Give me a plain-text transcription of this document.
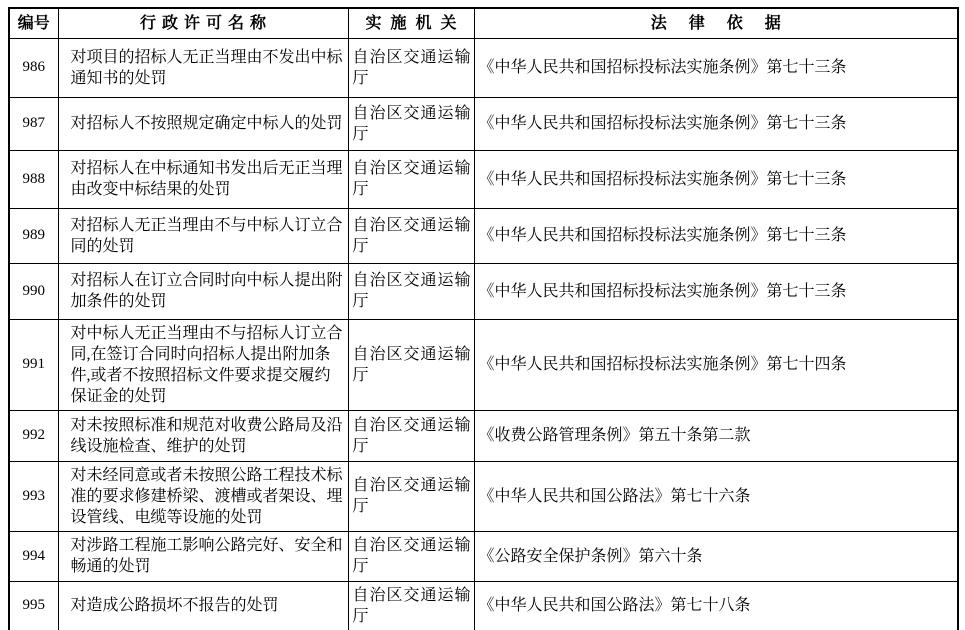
编号	行政许可名称	实施机关	法律依据
986	对项目的招标人无正当理由不发出中标通知书的处罚	自治区交通运输厅	《中华人民共和国招标投标法实施条例》第七十三条
987	对招标人不按照规定确定中标人的处罚	自治区交通运输厅	《中华人民共和国招标投标法实施条例》第七十三条
988	对招标人在中标通知书发出后无正当理由改变中标结果的处罚	自治区交通运输厅	《中华人民共和国招标投标法实施条例》第七十三条
989	对招标人无正当理由不与中标人订立合同的处罚	自治区交通运输厅	《中华人民共和国招标投标法实施条例》第七十三条
990	对招标人在订立合同时向中标人提出附加条件的处罚	自治区交通运输厅	《中华人民共和国招标投标法实施条例》第七十三条
991	对中标人无正当理由不与招标人订立合同,在签订合同时向招标人提出附加条件,或者不按照招标文件要求提交履约保证金的处罚	自治区交通运输厅	《中华人民共和国招标投标法实施条例》第七十四条
992	对未按照标准和规范对收费公路局及沿线设施检查、维护的处罚	自治区交通运输厅	《收费公路管理条例》第五十条第二款
993	对未经同意或者未按照公路工程技术标准的要求修建桥梁、渡槽或者架设、埋设管线、电缆等设施的处罚	自治区交通运输厅	《中华人民共和国公路法》第七十六条
994	对涉路工程施工影响公路完好、安全和畅通的处罚	自治区交通运输厅	《公路安全保护条例》第六十条
995	对造成公路损坏不报告的处罚	自治区交通运输厅	《中华人民共和国公路法》第七十八条
